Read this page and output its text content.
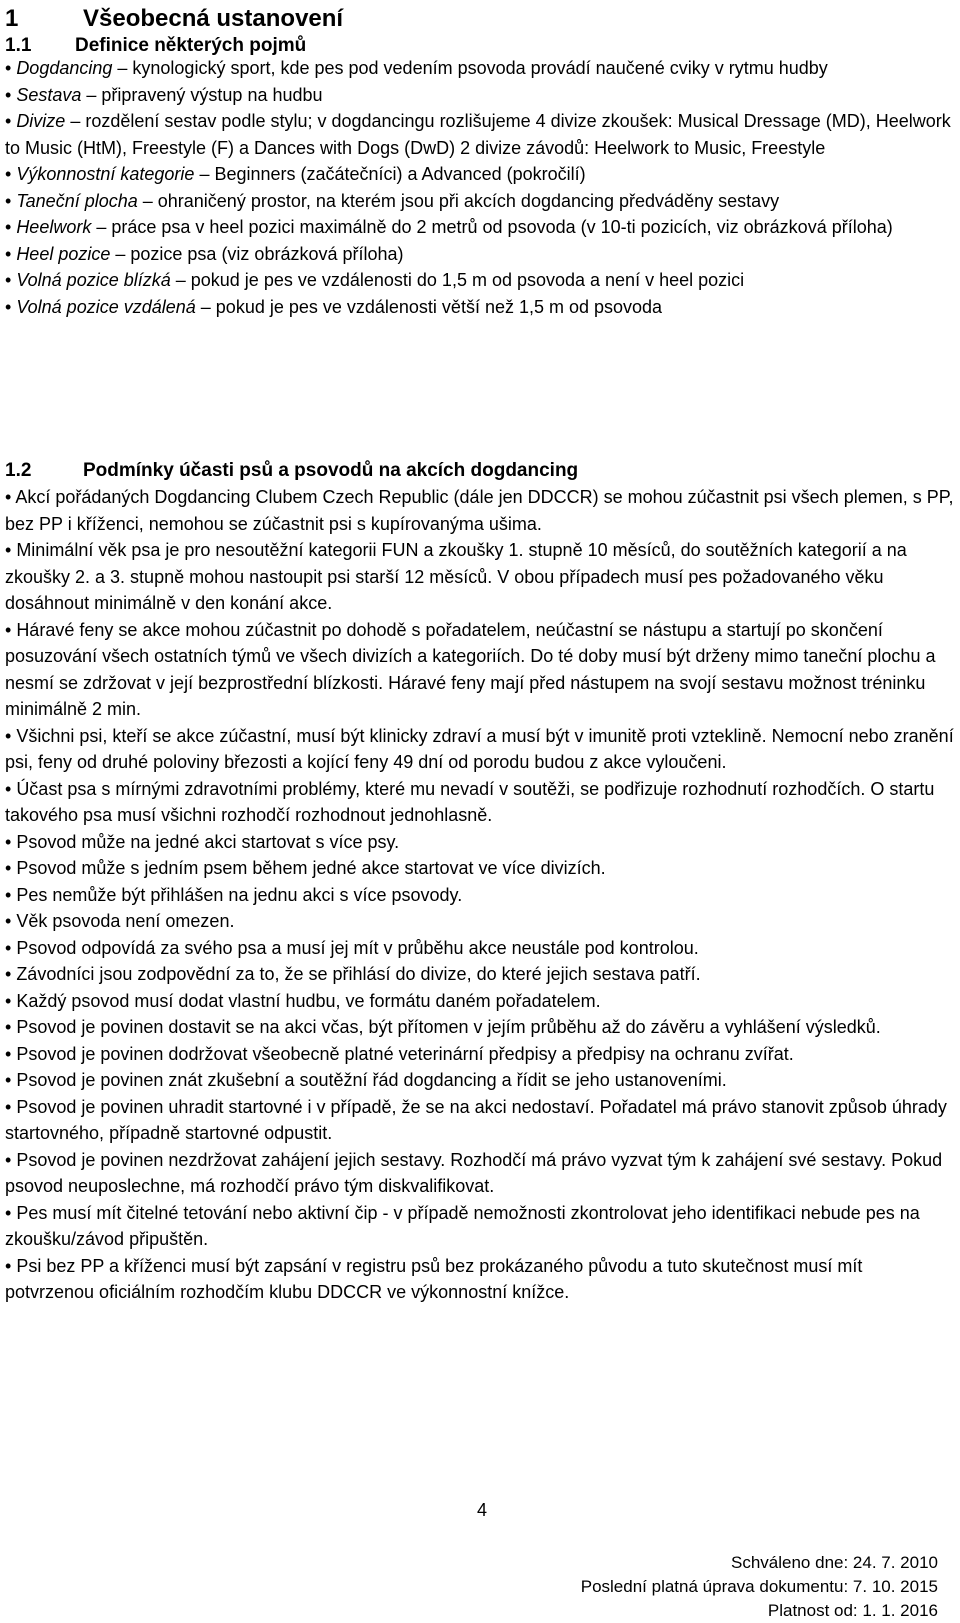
1	Všeobecná ustanovení
1.1 Definice některých pojmů

• Dogdancing – kynologický sport, kde pes pod vedením psovoda provádí naučené cviky v rytmu hudby

• Sestava – připravený výstup na hudbu

• Divize – rozdělení sestav podle stylu; v dogdancingu rozlišujeme 4 divize zkoušek: Musical Dressage (MD), Heelwork to Music (HtM), Freestyle (F) a Dances with Dogs (DwD) 2 divize závodů: Heelwork to Music, Freestyle

• Výkonnostní kategorie – Beginners (začátečníci) a Advanced (pokročilí)

• Taneční plocha – ohraničený prostor, na kterém jsou při akcích dogdancing předváděny sestavy

• Heelwork – práce psa v heel pozici maximálně do 2 metrů od psovoda (v 10-ti pozicích, viz obrázková příloha)

• Heel pozice – pozice psa (viz obrázková příloha)

• Volná pozice blízká – pokud je pes ve vzdálenosti do 1,5 m od psovoda a není v heel pozici

• Volná pozice vzdálená – pokud je pes ve vzdálenosti větší než 1,5 m od psovoda

1.2	Podmínky účasti psů a psovodů na akcích dogdancing

• Akcí pořádaných Dogdancing Clubem Czech Republic (dále jen DDCCR) se mohou zúčastnit psi všech plemen, s PP, bez PP i kříženci, nemohou se zúčastnit psi s kupírovanýma ušima.

• Minimální věk psa je pro nesoutěžní kategorii FUN a zkoušky 1. stupně 10 měsíců, do soutěžních kategorií a na zkoušky 2. a 3. stupně mohou nastoupit psi starší 12 měsíců. V obou případech musí pes požadovaného věku dosáhnout minimálně v den konání akce.

• Háravé feny se akce mohou zúčastnit po dohodě s pořadatelem, neúčastní se nástupu a startují po skončení posuzování všech ostatních týmů ve všech divizích a kategoriích. Do té doby musí být drženy mimo taneční plochu a nesmí se zdržovat v její bezprostřední blízkosti. Háravé feny mají před nástupem na svojí sestavu možnost tréninku minimálně 2 min.

• Všichni psi, kteří se akce zúčastní, musí být klinicky zdraví a musí být v imunitě proti vzteklině. Nemocní nebo zranění psi, feny od druhé poloviny březosti a kojící feny 49 dní od porodu budou z akce vyloučeni.

• Účast psa s mírnými zdravotními problémy, které mu nevadí v soutěži, se podřizuje rozhodnutí rozhodčích. O startu takového psa musí všichni rozhodčí rozhodnout jednohlasně.

• Psovod může na jedné akci startovat s více psy.

• Psovod může s jedním psem během jedné akce startovat ve více divizích.

• Pes nemůže být přihlášen na jednu akci s více psovody.

• Věk psovoda není omezen.

• Psovod odpovídá za svého psa a musí jej mít v průběhu akce neustále pod kontrolou.

• Závodníci jsou zodpovědní za to, že se přihlásí do divize, do které jejich sestava patří.

• Každý psovod musí dodat vlastní hudbu, ve formátu daném pořadatelem.

• Psovod je povinen dostavit se na akci včas, být přítomen v jejím průběhu až do závěru a vyhlášení výsledků.

• Psovod je povinen dodržovat všeobecně platné veterinární předpisy a předpisy na ochranu zvířat.

• Psovod je povinen znát zkušební a soutěžní řád dogdancing a řídit se jeho ustanoveními.

• Psovod je povinen uhradit startovné i v případě, že se na akci nedostaví. Pořadatel má právo stanovit způsob úhrady startovného, případně startovné odpustit.

• Psovod je povinen nezdržovat zahájení jejich sestavy. Rozhodčí má právo vyzvat tým k zahájení své sestavy. Pokud psovod neuposlechne, má rozhodčí právo tým diskvalifikovat.

• Pes musí mít čitelné tetování nebo aktivní čip - v případě nemožnosti zkontrolovat jeho identifikaci nebude pes na zkoušku/závod připuštěn.

• Psi bez PP a kříženci musí být zapsání v registru psů bez prokázaného původu a tuto skutečnost musí mít potvrzenou oficiálním rozhodčím klubu DDCCR ve výkonnostní knížce.

4
Schváleno dne: 24. 7. 2010
Poslední platná úprava dokumentu: 7. 10. 2015
Platnost od: 1. 1. 2016
